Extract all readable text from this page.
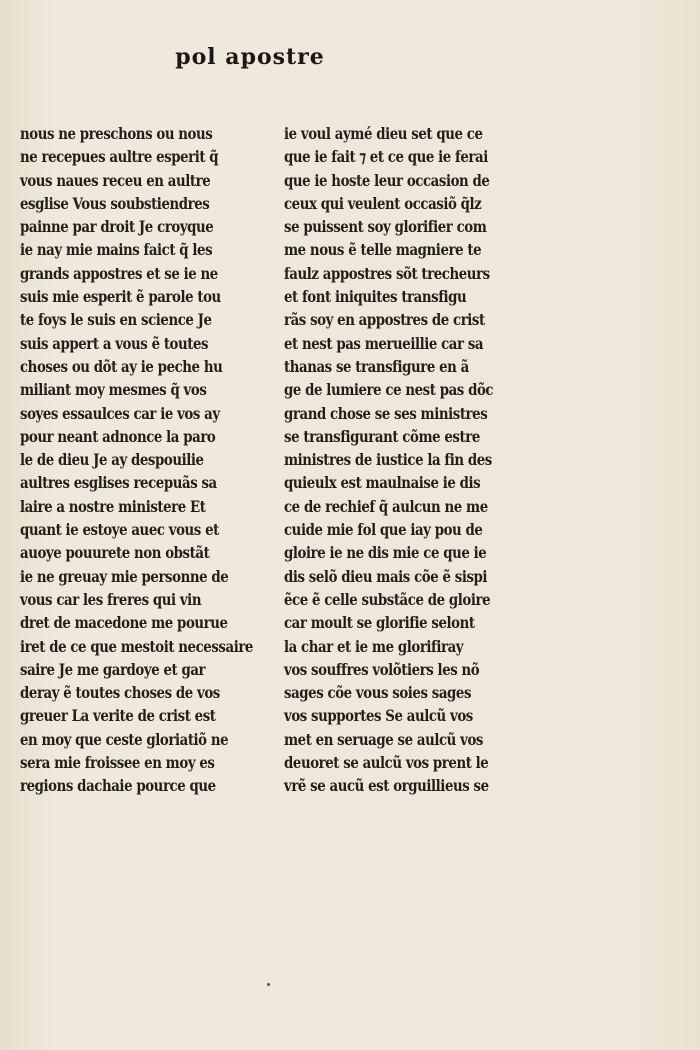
pol apostre
nous ne preschons ou nous
ne recepues aultre esperit q̃
vous naues receu en aultre
esglise Vous soubstiendres
painne par droit Je croyque
ie nay mie mains faict q̃ les
grands appostres et se ie ne
suis mie esperit ẽ parole tou
te foys le suis en science Je
suis appert a vous ẽ toutes
choses ou dõt ay ie peche hu
miliant moy mesmes q̃ vos
soyes essaulces car ie vos ay
pour neant adnonce la paro
le de dieu Je ay despouilie
aultres esglises recepuãs sa
laire a nostre ministere Et
quant ie estoye auec vous et
auoye pouurete non obstãt
ie ne greuay mie personne de
vous car les freres qui vin
dret de macedone me pourue
iret de ce que mestoit necessaire
saire Je me gardoye et gar
deray ẽ toutes choses de vos
greuer La verite de crist est
en moy que ceste gloriatiõ ne
sera mie froissee en moy es
regions dachaie pource que
ie voul aymé dieu set que ce
que ie fait ⁊ et ce que ie ferai
que ie hoste leur occasion de
ceux qui veulent occasiõ q̃lz
se puissent soy glorifier com
me nous ẽ telle magniere te
faulz appostres sõt trecheurs
et font iniquites transfigu
rãs soy en appostres de crist
et nest pas merueillie car sa
thanas se transfigure en ã
ge de lumiere ce nest pas dõc
grand chose se ses ministres
se transfigurant cõme estre
ministres de iustice la fin des
quieulx est maulnaise ie dis
ce de rechief q̃ aulcun ne me
cuide mie fol que iay pou de
gloire ie ne dis mie ce que ie
dis selõ dieu mais cõe ẽ sispi
ẽce ẽ celle substãce de gloire
car moult se glorifie selont
la char et ie me glorifiray
vos souffres volõtiers les nõ
sages cõe vous soies sages
vos supportes Se aulcũ vos
met en seruage se aulcũ vos
deuoret se aulcũ vos prent le
vrẽ se aucũ est orguillieus se
